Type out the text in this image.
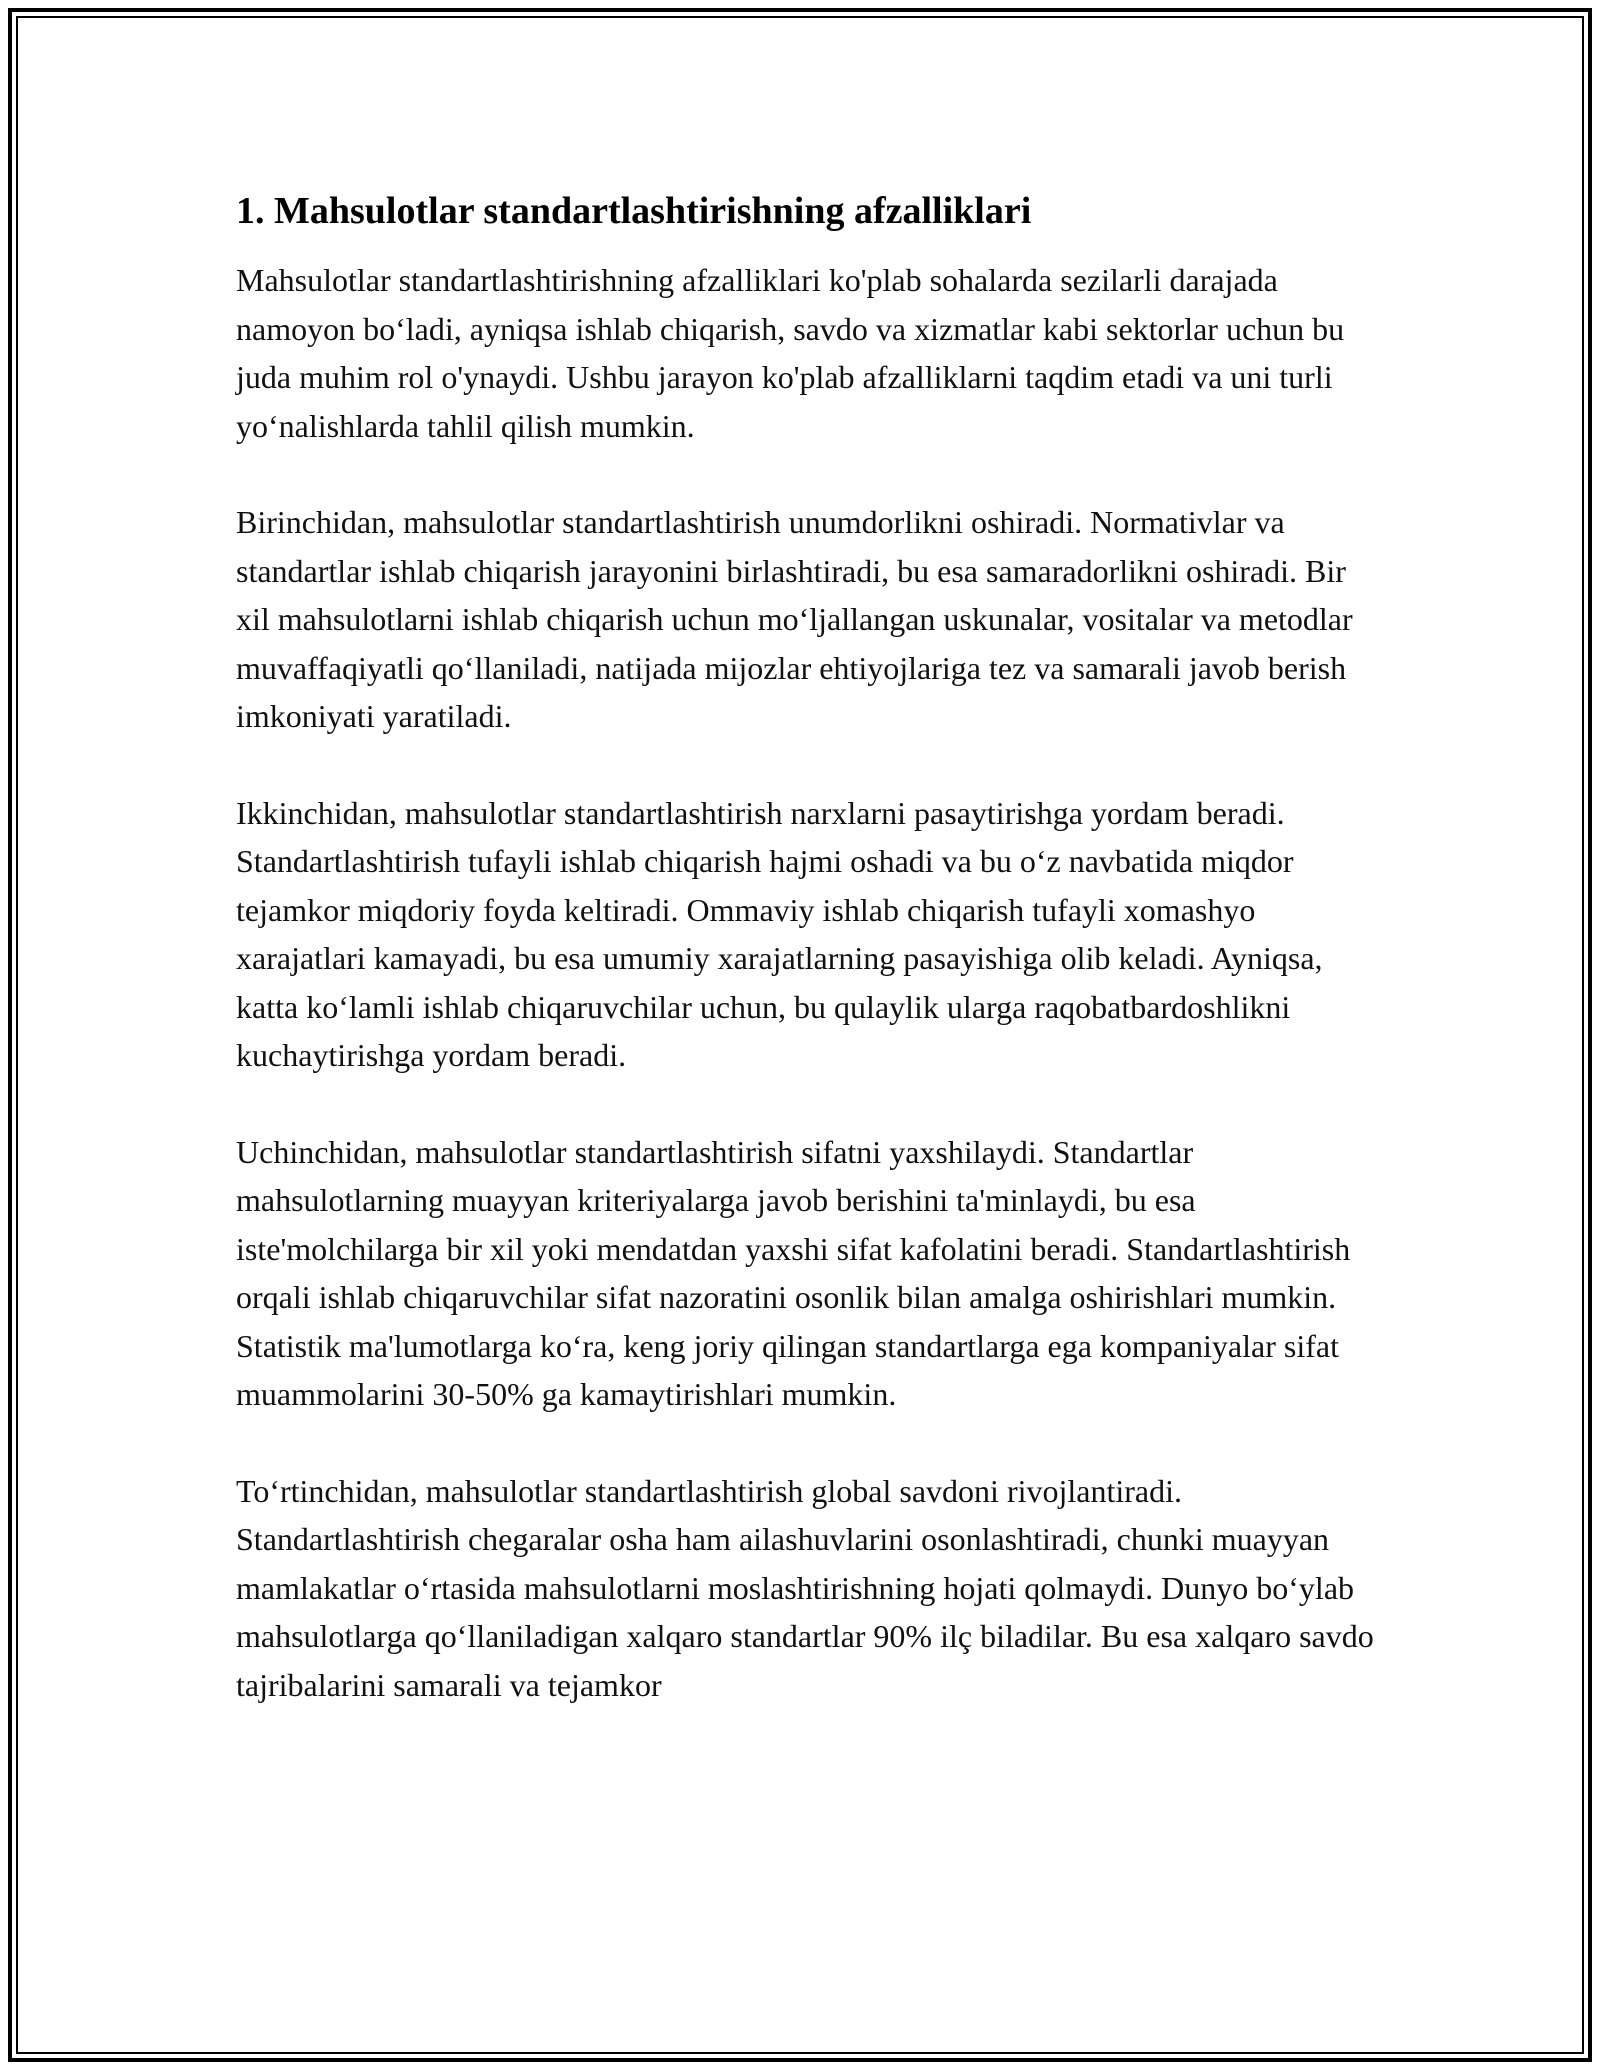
1. Mahsulotlar standartlashtirishning afzalliklari

Mahsulotlar standartlashtirishning afzalliklari ko'plab sohalarda sezilarli darajada namoyon bo‘ladi, ayniqsa ishlab chiqarish, savdo va xizmatlar kabi sektorlar uchun bu juda muhim rol o'ynaydi. Ushbu jarayon ko'plab afzalliklarni taqdim etadi va uni turli yo‘nalishlarda tahlil qilish mumkin.

Birinchidan, mahsulotlar standartlashtirish unumdorlikni oshiradi. Normativlar va standartlar ishlab chiqarish jarayonini birlashtiradi, bu esa samaradorlikni oshiradi. Bir xil mahsulotlarni ishlab chiqarish uchun mo‘ljallangan uskunalar, vositalar va metodlar muvaffaqiyatli qo‘llaniladi, natijada mijozlar ehtiyojlariga tez va samarali javob berish imkoniyati yaratiladi.

Ikkinchidan, mahsulotlar standartlashtirish narxlarni pasaytirishga yordam beradi. Standartlashtirish tufayli ishlab chiqarish hajmi oshadi va bu o‘z navbatida miqdor tejamkor miqdoriy foyda keltiradi. Ommaviy ishlab chiqarish tufayli xomashyo xarajatlari kamayadi, bu esa umumiy xarajatlarning pasayishiga olib keladi. Ayniqsa, katta ko‘lamli ishlab chiqaruvchilar uchun, bu qulaylik ularga raqobatbardoshlikni kuchaytirishga yordam beradi.

Uchinchidan, mahsulotlar standartlashtirish sifatni yaxshilaydi. Standartlar mahsulotlarning muayyan kriteriyalarga javob berishini ta'minlaydi, bu esa iste'molchilarga bir xil yoki mendatdan yaxshi sifat kafolatini beradi. Standartlashtirish orqali ishlab chiqaruvchilar sifat nazoratini osonlik bilan amalga oshirishlari mumkin. Statistik ma'lumotlarga ko‘ra, keng joriy qilingan standartlarga ega kompaniyalar sifat muammolarini 30-50% ga kamaytirishlari mumkin.

To‘rtinchidan, mahsulotlar standartlashtirish global savdoni rivojlantiradi. Standartlashtirish chegaralar osha ham ailashuvlarini osonlashtiradi, chunki muayyan mamlakatlar o‘rtasida mahsulotlarni moslashtirishning hojati qolmaydi. Dunyo bo‘ylab mahsulotlarga qo‘llaniladigan xalqaro standartlar 90% ilç biladilar. Bu esa xalqaro savdo tajribalarini samarali va tejamkor
